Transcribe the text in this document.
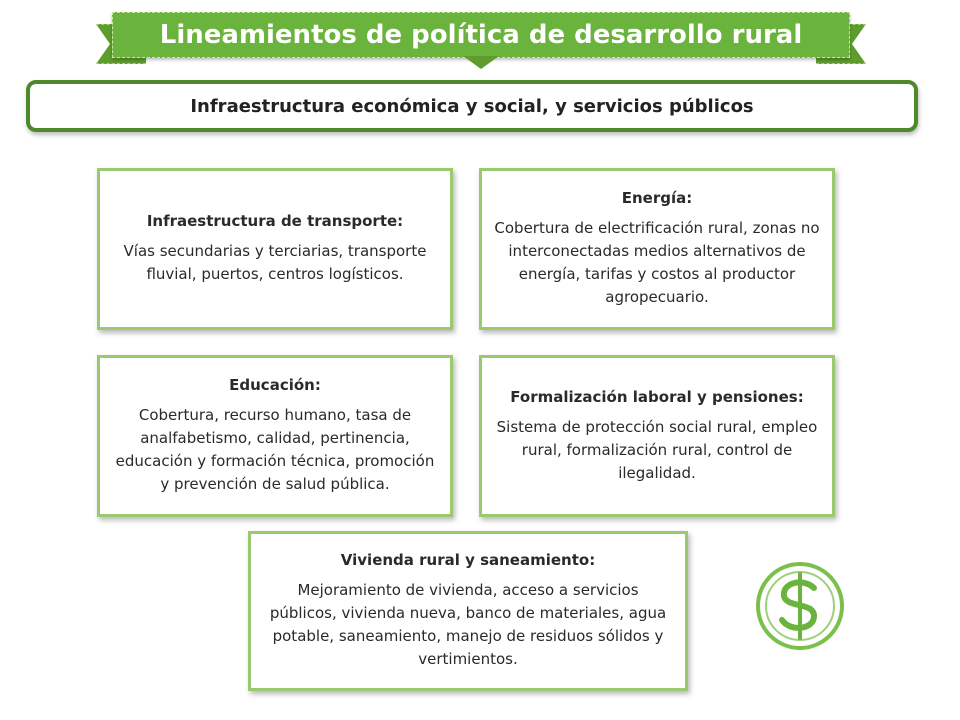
Lineamientos de política de desarrollo rural
Infraestructura económica y social, y servicios públicos
Infraestructura de transporte:
Vías secundarias y terciarias, transporte fluvial, puertos, centros logísticos.
Energía:
Cobertura de electrificación rural, zonas no interconectadas medios alternativos de energía, tarifas y costos al productor agropecuario.
Educación:
Cobertura, recurso humano, tasa de analfabetismo, calidad, pertinencia, educación y formación técnica, promoción y prevención de salud pública.
Formalización laboral y pensiones:
Sistema de protección social rural, empleo rural, formalización rural, control de ilegalidad.
Vivienda rural y saneamiento:
Mejoramiento de vivienda, acceso a servicios públicos, vivienda nueva, banco de materiales, agua potable, saneamiento, manejo de residuos sólidos y vertimientos.
